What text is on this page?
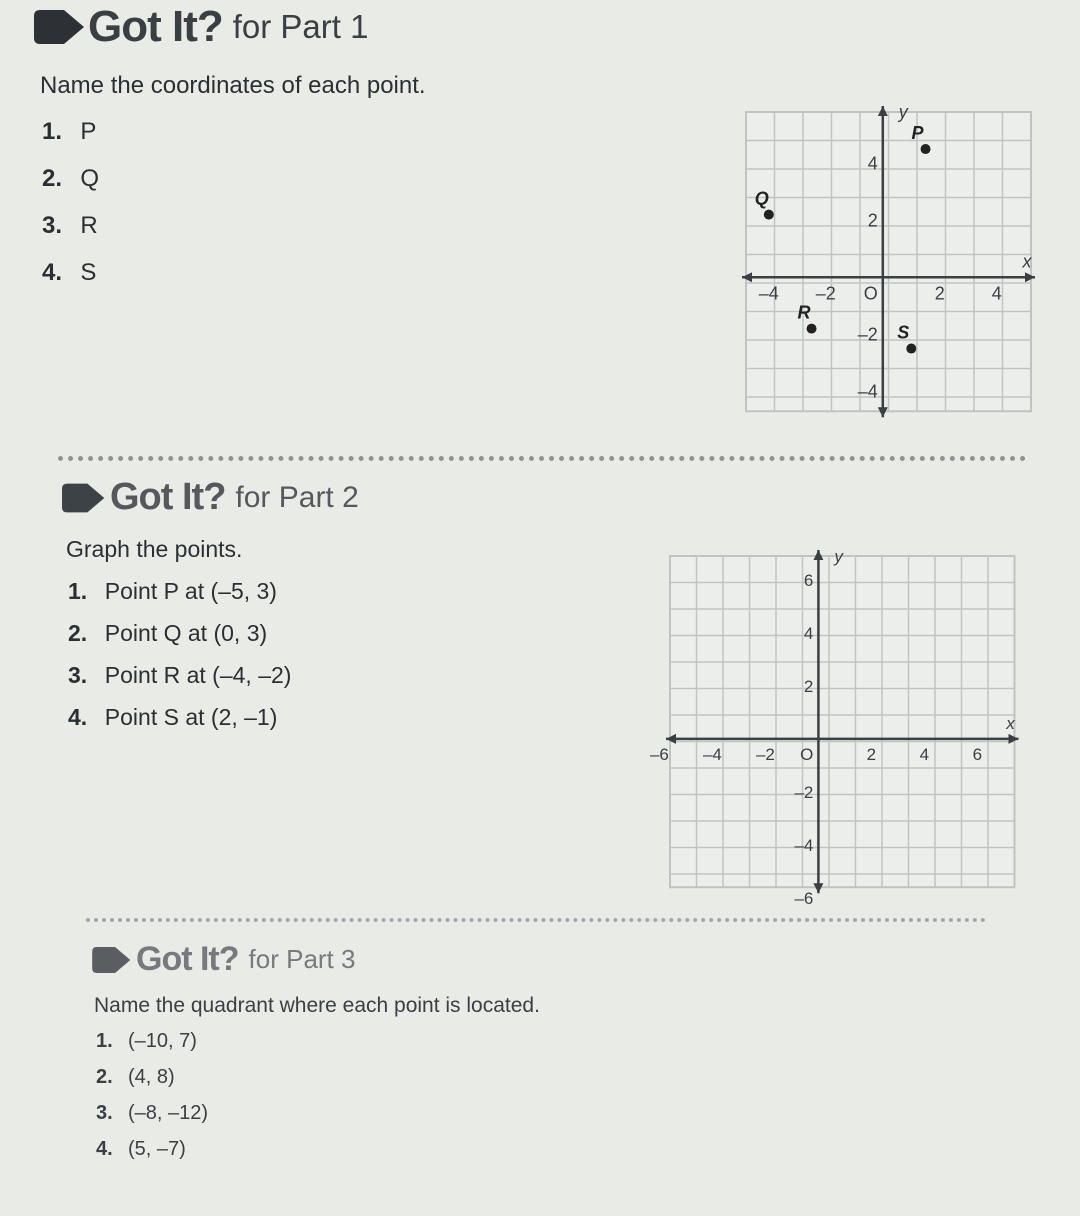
Got It? for Part 1
Name the coordinates of each point.
1. P
2. Q
3. R
4. S
–4 –2	2	4
4
2
–2
–4
O
x
y
P
Q
R
S
Got It? for Part 2
Graph the points.
1. Point P at (–5, 3)
2. Point Q at (0, 3)
3. Point R at (–4, –2)
4. Point S at (2, –1)
–6 –4 –2	2	4	6
6
4
2
–2
–4
–6
O
x
y
Got It? for Part 3
Name the quadrant where each point is located.
1. (–10, 7)
2. (4, 8)
3. (–8, –12)
4. (5, –7)
